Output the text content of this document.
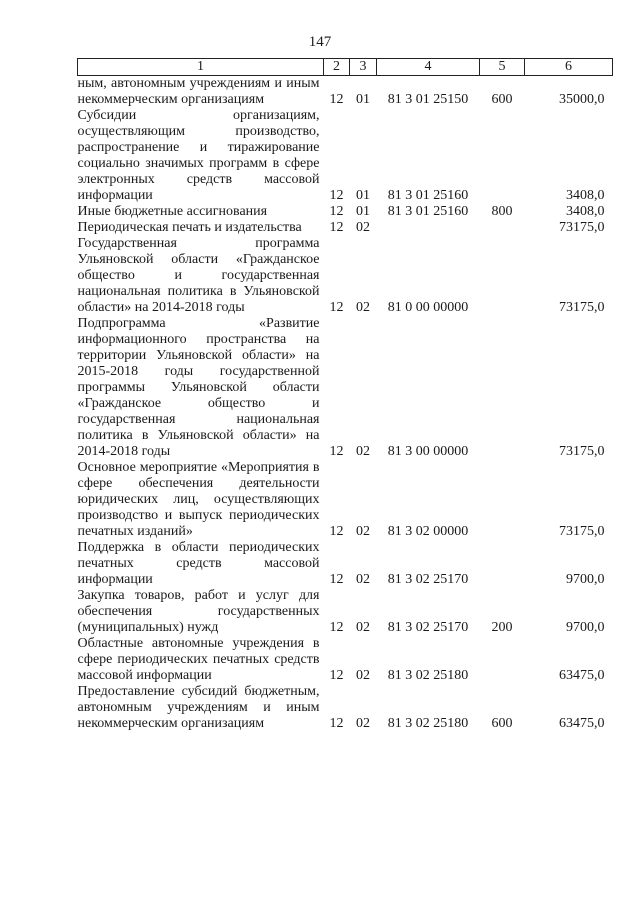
147
1	2	3	4	5	6
ным, автономным учреждениям и иным некоммерческим организациям	12	01	81 3 01 25150	600	35000,0
Субсидии организациям, осуществляющим производство, распространение и тиражирование социально значимых программ в сфере электронных средств массовой информации	12	01	81 3 01 25160		3408,0
Иные бюджетные ассигнования	12	01	81 3 01 25160	800	3408,0
Периодическая печать и издательства	12	02			73175,0
Государственная программа Ульяновской области «Гражданское общество и государственная национальная политика в Ульяновской области» на 2014-2018 годы	12	02	81 0 00 00000		73175,0
Подпрограмма «Развитие информационного пространства на территории Ульяновской области» на 2015-2018 годы государственной программы Ульяновской области «Гражданское общество и государственная национальная политика в Ульяновской области» на 2014-2018 годы	12	02	81 3 00 00000		73175,0
Основное мероприятие «Мероприятия в сфере обеспечения деятельности юридических лиц, осуществляющих производство и выпуск периодических печатных изданий»	12	02	81 3 02 00000		73175,0
Поддержка в области периодических печатных средств массовой информации	12	02	81 3 02 25170		9700,0
Закупка товаров, работ и услуг для обеспечения государственных (муниципальных) нужд	12	02	81 3 02 25170	200	9700,0
Областные автономные учреждения в сфере периодических печатных средств массовой информации	12	02	81 3 02 25180		63475,0
Предоставление субсидий бюджетным, автономным учреждениям и иным некоммерческим организациям	12	02	81 3 02 25180	600	63475,0
